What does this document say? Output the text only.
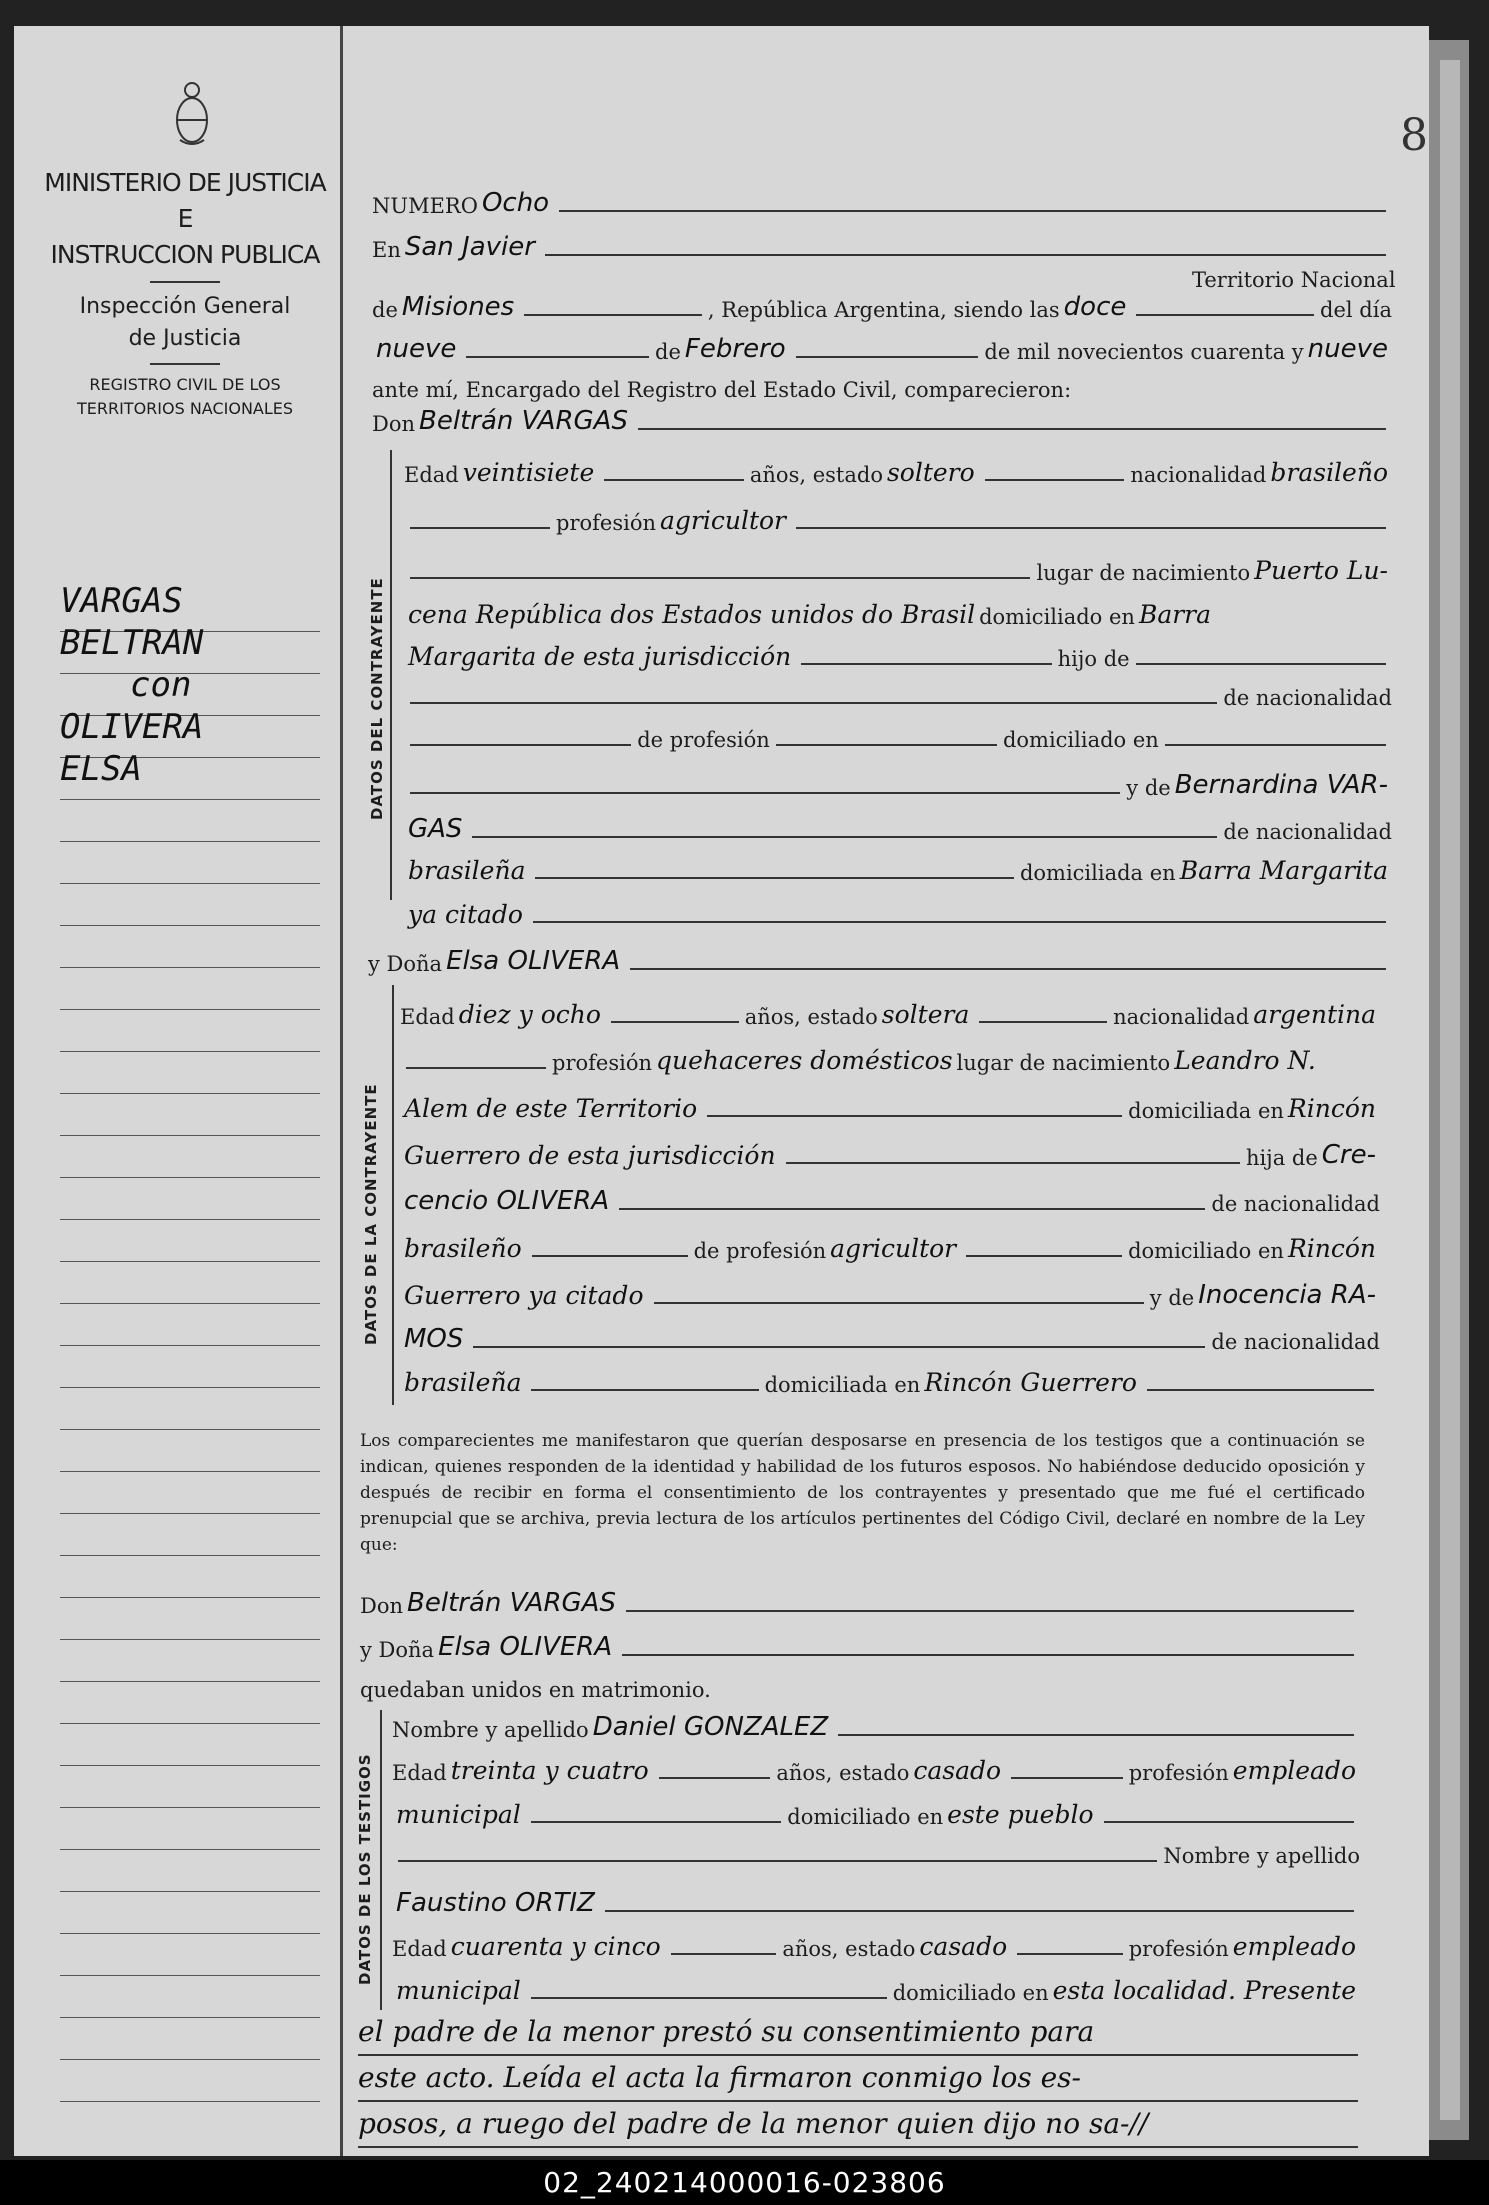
MINISTERIO DE JUSTICIA
E
INSTRUCCION PUBLICA
Inspección General
de Justicia
REGISTRO CIVIL DE LOS
TERRITORIOS NACIONALES
VARGAS
BELTRAN
con
OLIVERA
ELSA
8
NUMERO Ocho
En San Javier
Territorio Nacional
de Misiones	, República Argentina, siendo las doce	del día
nueve	de Febrero	de mil novecientos cuarenta y nueve
ante mí, Encargado del Registro del Estado Civil, comparecieron:
Don Beltrán VARGAS
DATOS DEL CONTRAYENTE
Edad veintisiete	años, estado soltero	nacionalidad brasileño
profesión agricultor
lugar de nacimiento Puerto Lu-
cena República dos Estados unidos do Brasil domiciliado en Barra
Margarita de esta jurisdicción	hijo de
de nacionalidad
de profesión	domiciliado en
y de Bernardina VAR-
GAS	de nacionalidad
brasileña	domiciliada en Barra Margarita
ya citado
y Doña Elsa OLIVERA
DATOS DE LA CONTRAYENTE
Edad diez y ocho	años, estado soltera	nacionalidad argentina
profesión quehaceres domésticos lugar de nacimiento Leandro N.
Alem de este Territorio	domiciliada en Rincón
Guerrero de esta jurisdicción	hija de Cre-
cencio OLIVERA	de nacionalidad
brasileño	de profesión agricultor	domiciliado en Rincón
Guerrero ya citado	y de Inocencia RA-
MOS	de nacionalidad
brasileña	domiciliada en Rincón Guerrero
Los comparecientes me manifestaron que querían desposarse en presencia de los testigos que a continuación se indican, quienes responden de la identidad y habilidad de los futuros esposos. No habiéndose deducido oposición y después de recibir en forma el consentimiento de los contrayentes y presentado que me fué el certificado prenupcial que se archiva, previa lectura de los artículos pertinentes del Código Civil, declaré en nombre de la Ley que:
Don Beltrán VARGAS
y Doña Elsa OLIVERA
quedaban unidos en matrimonio.
DATOS DE LOS TESTIGOS
Nombre y apellido Daniel GONZALEZ
Edad treinta y cuatro	años, estado casado	profesión empleado
municipal	domiciliado en este pueblo
Nombre y apellido
Faustino ORTIZ
Edad cuarenta y cinco	años, estado casado	profesión empleado
municipal	domiciliado en esta localidad. Presente
el padre de la menor prestó su consentimiento para
este acto. Leída el acta la firmaron conmigo los es-
posos, a ruego del padre de la menor quien dijo no sa-//
02_240214000016-023806
